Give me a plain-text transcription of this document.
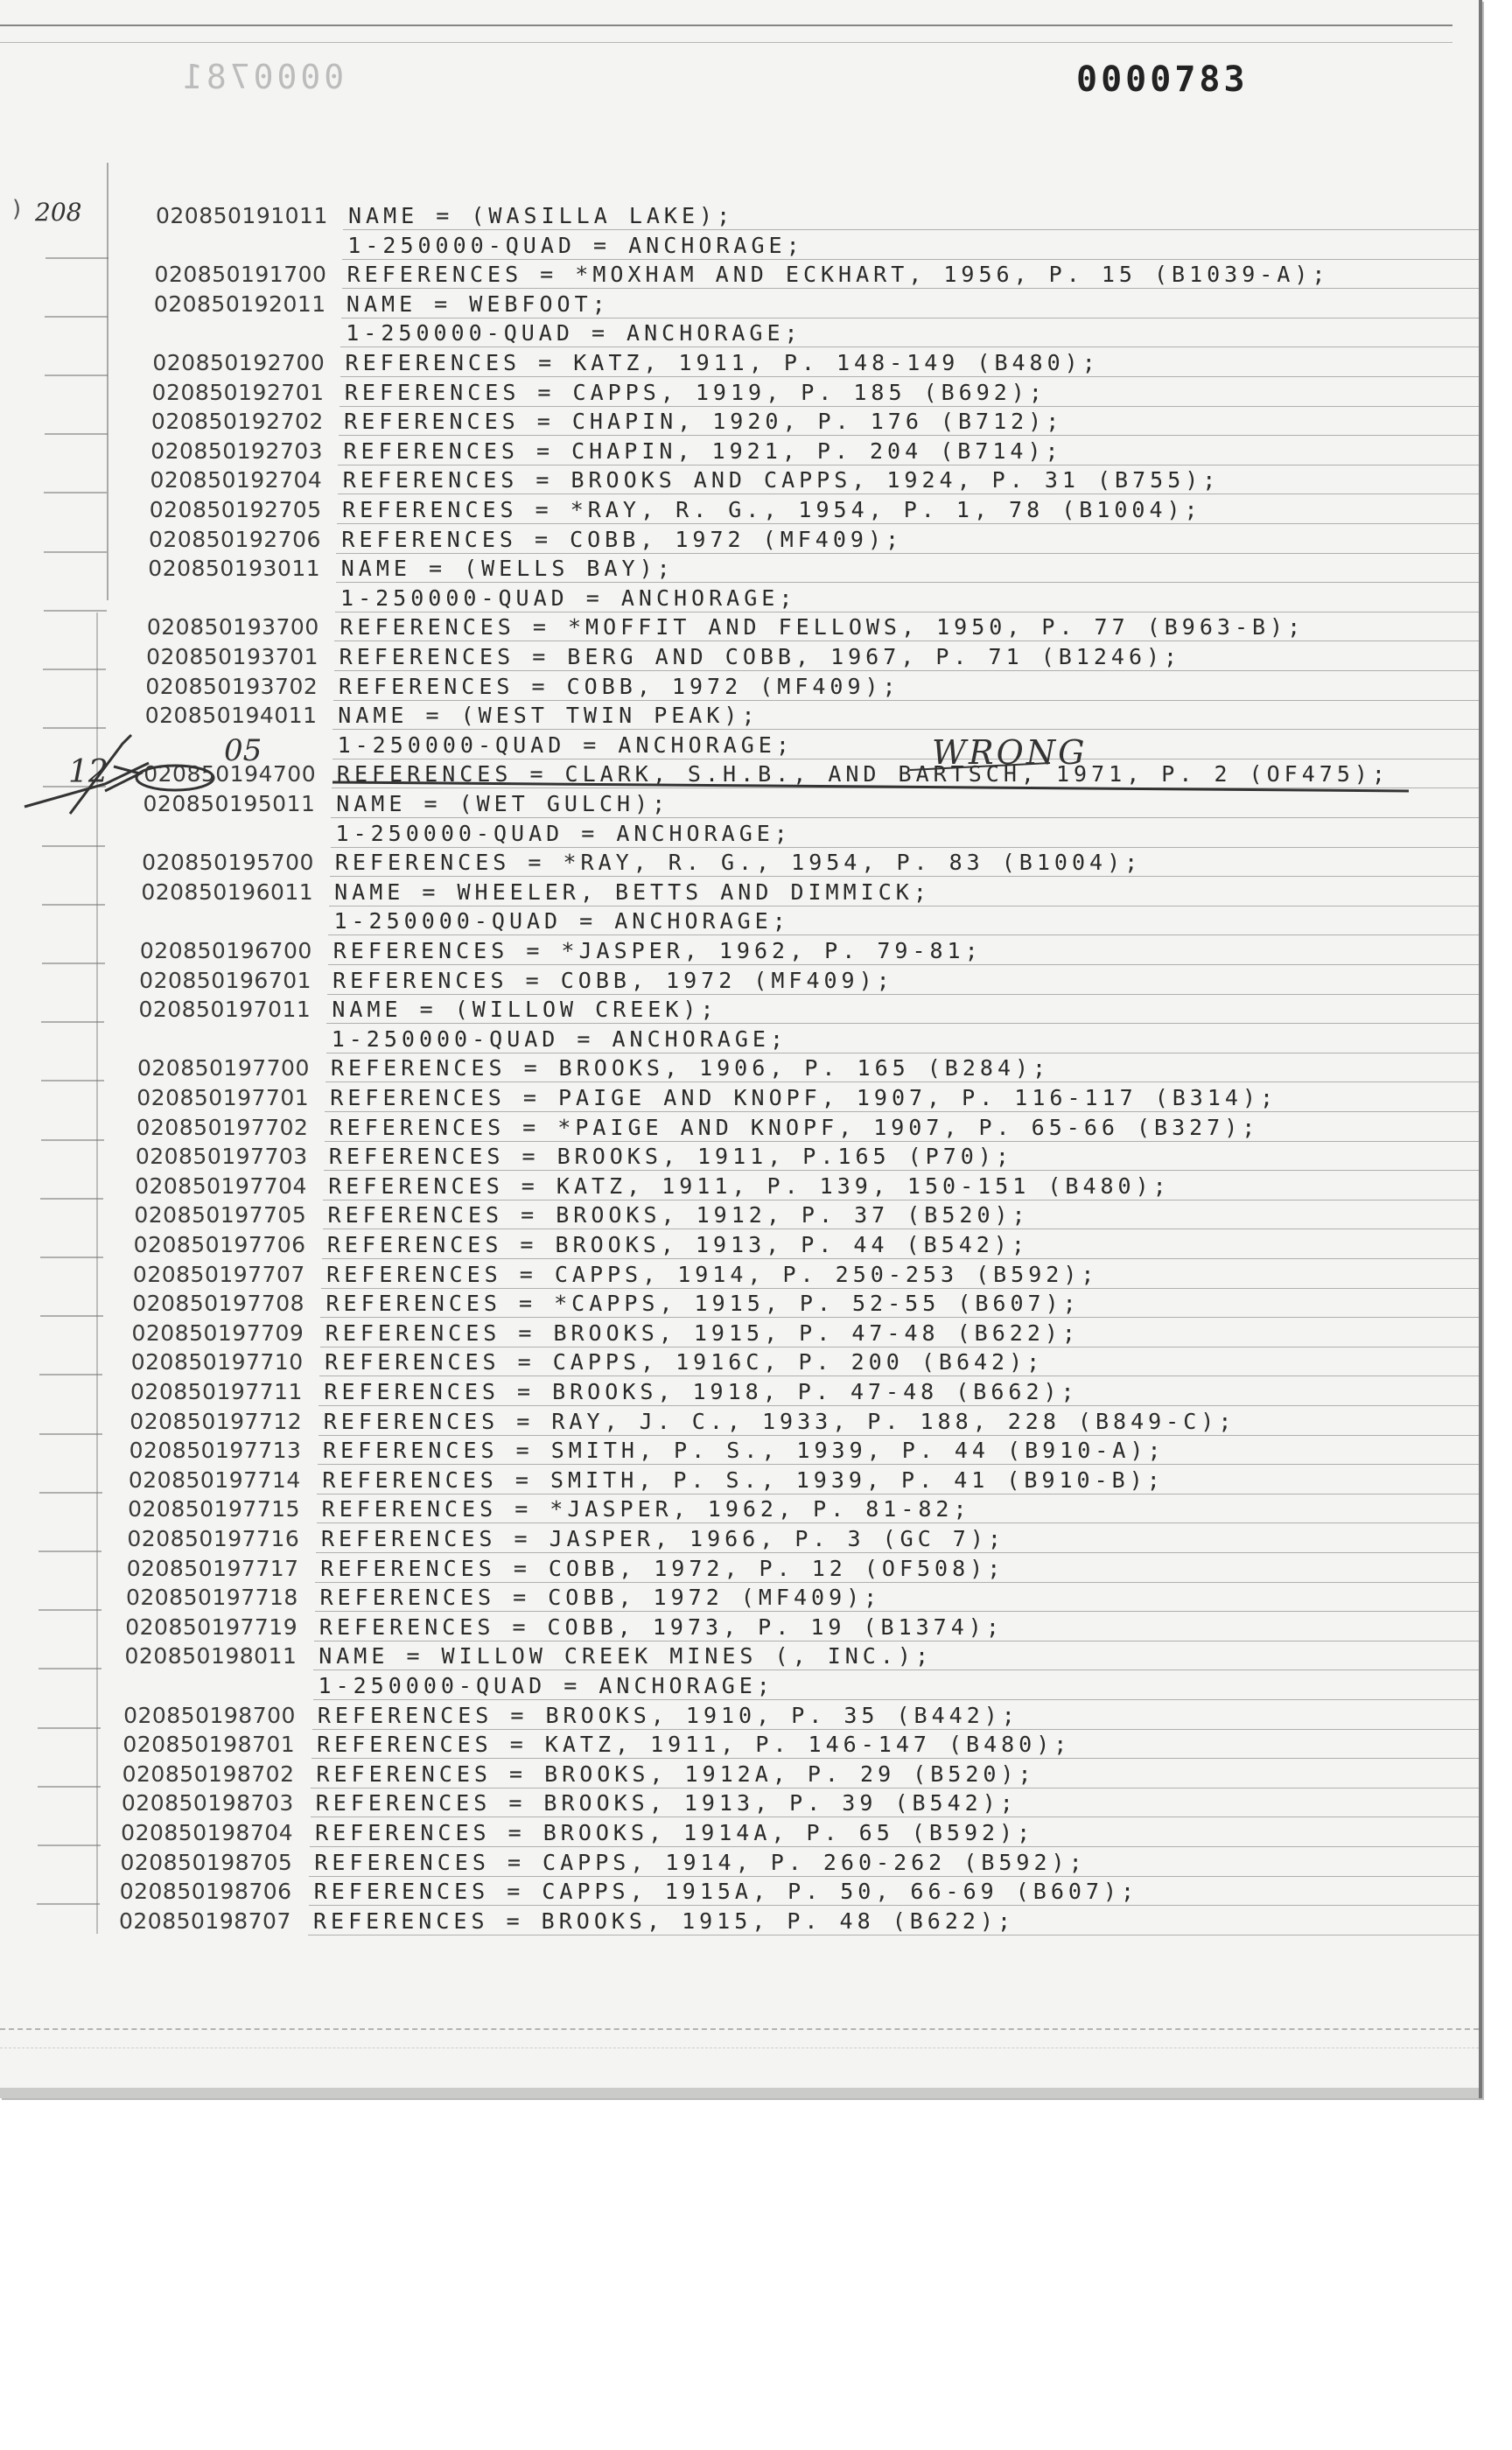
0000781	0000783
) 208	020850191011 NAME = (WASILLA LAKE);
1-250000-QUAD = ANCHORAGE;
020850191700 REFERENCES = *MOXHAM AND ECKHART, 1956, P. 15 (B1039-A);
020850192011 NAME = WEBFOOT;
1-250000-QUAD = ANCHORAGE;
020850192700 REFERENCES = KATZ, 1911, P. 148-149 (B480);
020850192701 REFERENCES = CAPPS, 1919, P. 185 (B692);
020850192702 REFERENCES = CHAPIN, 1920, P. 176 (B712);
020850192703 REFERENCES = CHAPIN, 1921, P. 204 (B714);
020850192704 REFERENCES = BROOKS AND CAPPS, 1924, P. 31 (B755);
020850192705 REFERENCES = *RAY, R. G., 1954, P. 1, 78 (B1004);
020850192706 REFERENCES = COBB, 1972 (MF409);
020850193011 NAME = (WELLS BAY);
1-250000-QUAD = ANCHORAGE;
020850193700 REFERENCES = *MOFFIT AND FELLOWS, 1950, P. 77 (B963-B);
020850193701 REFERENCES = BERG AND COBB, 1967, P. 71 (B1246);
020850193702 REFERENCES = COBB, 1972 (MF409);
020850194011 NAME = (WEST TWIN PEAK);
1-250000-QUAD = ANCHORAGE;
020850194700 REFERENCES = CLARK, S.H.B., AND BARTSCH, 1971, P. 2 (OF475);
020850195011 NAME = (WET GULCH);
1-250000-QUAD = ANCHORAGE;
020850195700 REFERENCES = *RAY, R. G., 1954, P. 83 (B1004);
020850196011 NAME = WHEELER, BETTS AND DIMMICK;
1-250000-QUAD = ANCHORAGE;
020850196700 REFERENCES = *JASPER, 1962, P. 79-81;
020850196701 REFERENCES = COBB, 1972 (MF409);
020850197011 NAME = (WILLOW CREEK);
1-250000-QUAD = ANCHORAGE;
020850197700 REFERENCES = BROOKS, 1906, P. 165 (B284);
020850197701 REFERENCES = PAIGE AND KNOPF, 1907, P. 116-117 (B314);
020850197702 REFERENCES = *PAIGE AND KNOPF, 1907, P. 65-66 (B327);
020850197703 REFERENCES = BROOKS, 1911, P.165 (P70);
020850197704 REFERENCES = KATZ, 1911, P. 139, 150-151 (B480);
020850197705 REFERENCES = BROOKS, 1912, P. 37 (B520);
020850197706 REFERENCES = BROOKS, 1913, P. 44 (B542);
020850197707 REFERENCES = CAPPS, 1914, P. 250-253 (B592);
020850197708 REFERENCES = *CAPPS, 1915, P. 52-55 (B607);
020850197709 REFERENCES = BROOKS, 1915, P. 47-48 (B622);
020850197710 REFERENCES = CAPPS, 1916C, P. 200 (B642);
020850197711 REFERENCES = BROOKS, 1918, P. 47-48 (B662);
020850197712 REFERENCES = RAY, J. C., 1933, P. 188, 228 (B849-C);
020850197713 REFERENCES = SMITH, P. S., 1939, P. 44 (B910-A);
020850197714 REFERENCES = SMITH, P. S., 1939, P. 41 (B910-B);
020850197715 REFERENCES = *JASPER, 1962, P. 81-82;
020850197716 REFERENCES = JASPER, 1966, P. 3 (GC 7);
020850197717 REFERENCES = COBB, 1972, P. 12 (OF508);
020850197718 REFERENCES = COBB, 1972 (MF409);
020850197719 REFERENCES = COBB, 1973, P. 19 (B1374);
020850198011 NAME = WILLOW CREEK MINES (, INC.);
1-250000-QUAD = ANCHORAGE;
020850198700 REFERENCES = BROOKS, 1910, P. 35 (B442);
020850198701 REFERENCES = KATZ, 1911, P. 146-147 (B480);
020850198702 REFERENCES = BROOKS, 1912A, P. 29 (B520);
020850198703 REFERENCES = BROOKS, 1913, P. 39 (B542);
020850198704 REFERENCES = BROOKS, 1914A, P. 65 (B592);
020850198705 REFERENCES = CAPPS, 1914, P. 260-262 (B592);
020850198706 REFERENCES = CAPPS, 1915A, P. 50, 66-69 (B607);
020850198707 REFERENCES = BROOKS, 1915, P. 48 (B622);
05
12
WRONG
